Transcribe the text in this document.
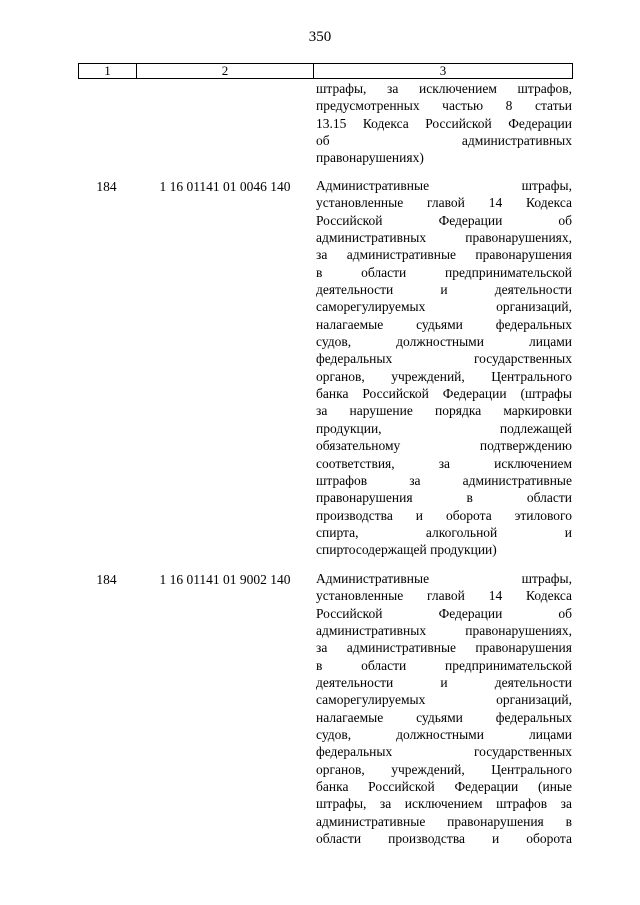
350
1	2	3
штрафы, за исключением штрафов,
предусмотренных частью 8 статьи
13.15 Кодекса Российской Федерации
об административных
правонарушениях)
184	1 16 01141 01 0046 140	Административные штрафы,
установленные главой 14 Кодекса
Российской Федерации об
административных правонарушениях,
за административные правонарушения
в области предпринимательской
деятельности и деятельности
саморегулируемых организаций,
налагаемые судьями федеральных
судов, должностными лицами
федеральных государственных
органов, учреждений, Центрального
банка Российской Федерации (штрафы
за нарушение порядка маркировки
продукции, подлежащей
обязательному подтверждению
соответствия, за исключением
штрафов за административные
правонарушения в области
производства и оборота этилового
спирта, алкогольной и
спиртосодержащей продукции)
184	1 16 01141 01 9002 140	Административные штрафы,
установленные главой 14 Кодекса
Российской Федерации об
административных правонарушениях,
за административные правонарушения
в области предпринимательской
деятельности и деятельности
саморегулируемых организаций,
налагаемые судьями федеральных
судов, должностными лицами
федеральных государственных
органов, учреждений, Центрального
банка Российской Федерации (иные
штрафы, за исключением штрафов за
административные правонарушения в
области производства и оборота
